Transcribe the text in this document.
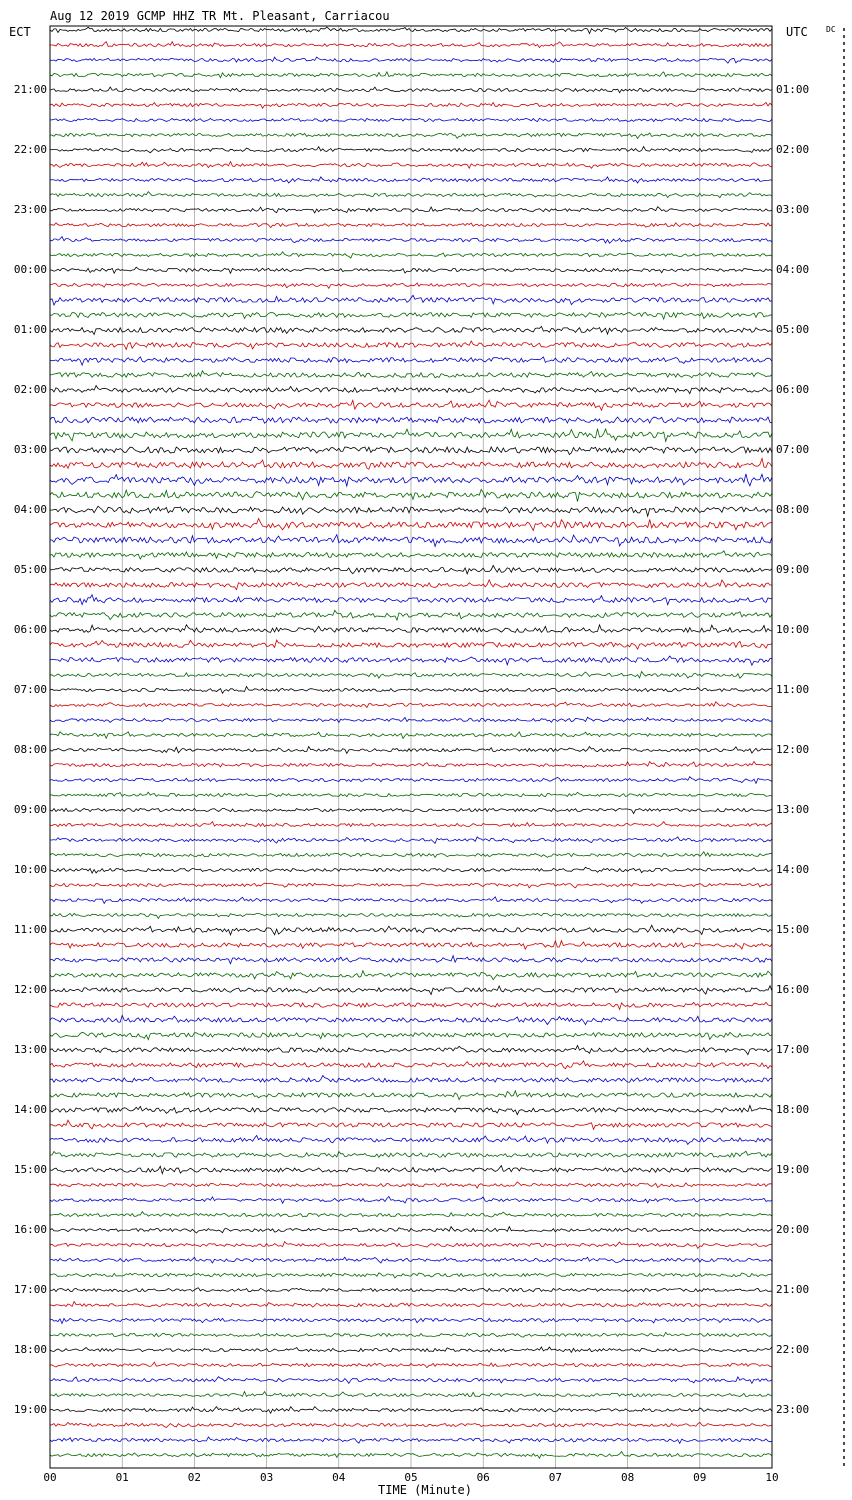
Aug 12 2019 GCMP HHZ TR Mt. Pleasant, Carriacou
ECT	UTC DC
21:00
22:00
23:00
00:00
01:00
02:00
03:00
04:00
05:00
06:00
07:00
08:00
09:00
10:00
11:00
12:00
13:00
14:00
15:00
16:00
17:00
18:00
19:00
01:00
02:00
03:00
04:00
05:00
06:00
07:00
08:00
09:00
10:00
11:00
12:00
13:00
14:00
15:00
16:00
17:00
18:00
19:00
20:00
21:00
22:00
23:00
00	01	02	03	04	05	06	07	08	09	10
TIME (Minute)
